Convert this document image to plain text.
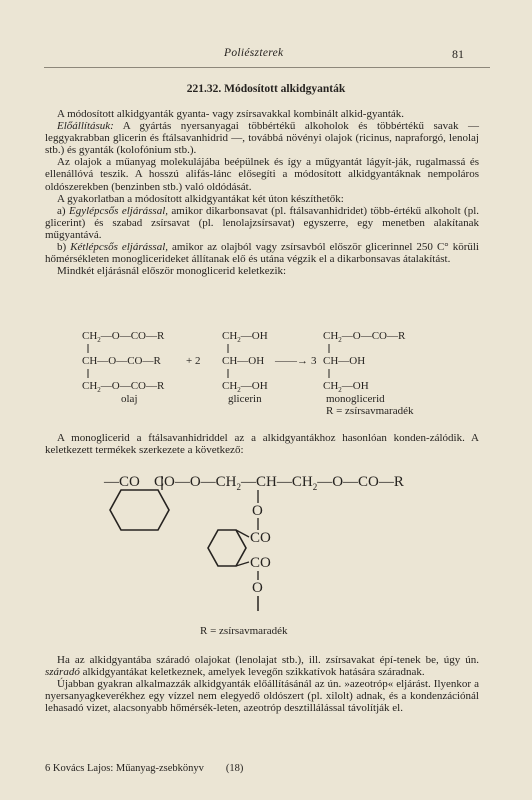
Poliészterek	81
221.32. Módosított alkidgyanták

A módosított alkidgyanták gyanta- vagy zsírsavakkal kombinált alkid-gyanták.

Előállításuk: A gyártás nyersanyagai többértékű alkoholok és többértékű savak — leggyakrabban glicerin és ftálsavanhidrid —, továbbá növényi olajok (ricinus, napraforgó, lenolaj stb.) és gyanták (kolofónium stb.).

Az olajok a műanyag molekulájába beépülnek és így a műgyantát lágyít-ják, rugalmassá és ellenállóvá teszik. A hosszú alifás-lánc elősegíti a módosított alkidgyantáknak nempoláros oldószerekben (benzinben stb.) való oldódását.

A gyakorlatban a módosított alkidgyantákat két úton készíthetők:

a) Egylépcsős eljárással, amikor dikarbonsavat (pl. ftálsavanhidridet) több-értékű alkoholt (pl. glicerint) és szabad zsírsavat (pl. lenolajzsírsavat) egyszerre, egy menetben alakítanak műgyantává.

b) Kétlépcsős eljárással, amikor az olajból vagy zsírsavból először glicerinnel 250 C° körüli hőmérsékleten monoglicerideket állítanak elő és utána végzik el a dikarbonsavas átalakítást.

Mindkét eljárásnál először monoglicerid keletkezik:

$CH_2—O—CO—R$
CH—O—CO—R
$CH_2—O—CO—R$
olaj
+ 2
$CH_2—OH$
CH—OH
$CH_2—OH$
glicerin
——→ 3
$CH_2—O—CO—R$
CH—OH
$CH_2—OH$
monoglicerid
R = zsírsavmaradék
—CO $CO—O—CH_2—CH—CH_2—O—CO—R$
O
CO
CO
O
R = zsírsavmaradék

A monoglicerid a ftálsavanhidriddel az a alkidgyantákhoz hasonlóan konden-zálódik. A keletkezett termékek szerkezete a következő:

Ha az alkidgyantába száradó olajokat (lenolajat stb.), ill. zsírsavakat épí-tenek be, úgy ún. száradó alkidgyantákat keletkeznek, amelyek levegőn szikkatívok hatására száradnak.

Újabban gyakran alkalmazzák alkidgyanták előállításánál az ún. »azeotróp« eljárást. Ilyenkor a nyersanyagkeverékhez egy vízzel nem elegyedő oldószert (pl. xilolt) adnak, és a kondenzációnál lehasadó vizet, alacsonyabb hőmérsék-leten, azeotróp desztillálással távolítják el.

6 Kovács Lajos: Műanyag-zsebkönyv (18)
